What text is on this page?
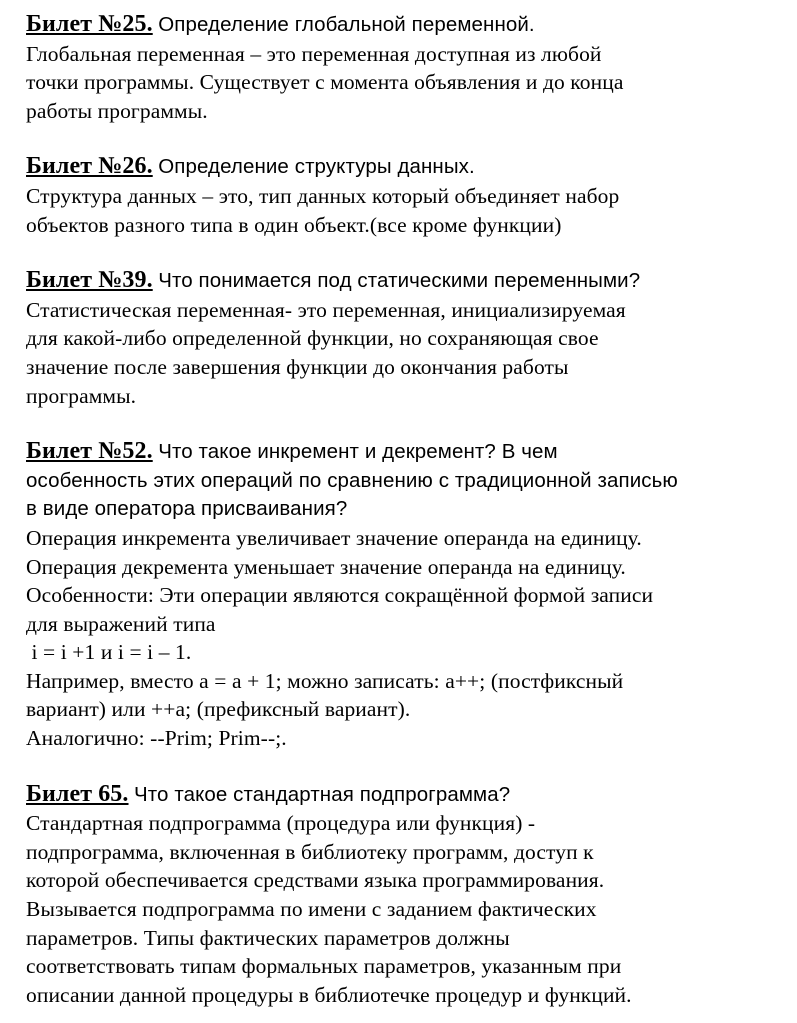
Билет №25. Определение глобальной переменной.
Глобальная переменная – это переменная доступная из любой
точки программы. Существует с момента объявления и до конца
работы программы.
Билет №26. Определение структуры данных.
Структура данных – это, тип данных который объединяет набор
объектов разного типа в один объект.(все кроме функции)
Билет №39. Что понимается под статическими переменными?
Статистическая переменная- это переменная, инициализируемая
для какой-либо определенной функции, но сохраняющая свое
значение после завершения функции до окончания работы
программы.
Билет №52. Что такое инкремент и декремент? В чем
особенность этих операций по сравнению с традиционной записью
в виде оператора присваивания?
Операция инкремента увеличивает значение операнда на единицу.
Операция декремента уменьшает значение операнда на единицу.
Особенности: Эти операции являются сокращённой формой записи
для выражений типа
i = i +1 и i = i – 1.
Например, вместо a = a + 1; можно записать: a++; (постфиксный
вариант) или ++a; (префиксный вариант).
Аналогично: --Prim; Prim--;.
Билет 65. Что такое стандартная подпрограмма?
Стандартная подпрограмма (процедура или функция) -
подпрограмма, включенная в библиотеку программ, доступ к
которой обеспечивается средствами языка программирования.
Вызывается подпрограмма по имени с заданием фактических
параметров. Типы фактических параметров должны
соответствовать типам формальных параметров, указанным при
описании данной процедуры в библиотечке процедур и функций.
